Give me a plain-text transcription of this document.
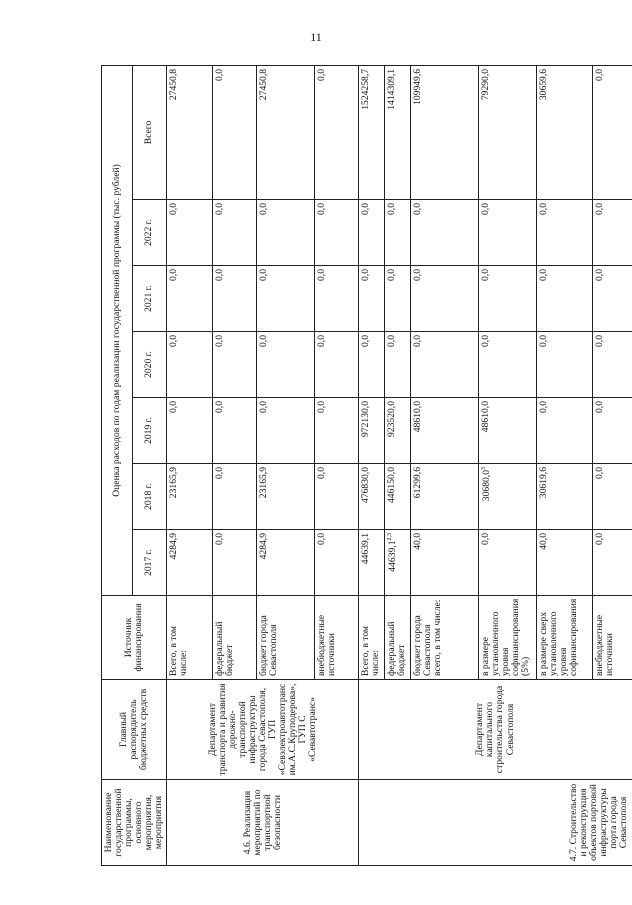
11
Наименование государственной программы, основного мероприятия, мероприятия	Главный распорядитель бюджетных средств	Источник финансирования	Оценка расходов по годам реализации государственной программы (тыс. рублей)						
			2017 г.	2018 г.	2019 г.	2020 г.	2021 г.	2022 г.	Всего
4.6. Реализация мероприятий по транспортной безопасности	Департамент транспорта и развития дорожно-транспортной инфраструктуры города Севастополя, ГУП «Севэлектроавтотранс им.А.С.Круподерова», ГУП С «Севавтотранс»	Всего, в том числе:	4284,9	23165,9	0,0	0,0	0,0	0,0	27450,8
		федеральный бюджет	0,0	0,0	0,0	0,0	0,0	0,0	0,0
		бюджет города Севастополя	4284,9	23165,9	0,0	0,0	0,0	0,0	27450,8
		внебюджетные источники	0,0	0,0	0,0	0,0	0,0	0,0	0,0
4.7. Строительство и реконструкция объектов портовой инфраструктуры порта города Севастополя	Департамент капитального строительства города Севастополя	Всего, в том числе:	44639,1	476830,0	972130,0	0,0	0,0	0,0	1524258,7
		федеральный бюджет	44639,1$^{2,3}$	446150,0	923520,0	0,0	0,0	0,0	1414309,1
		бюджет города Севастополя всего, в том числе:	40,0	61299,6	48610,0	0,0	0,0	0,0	109949,6
		в размере установленного уровня софинансирования (5%)	0,0	30680,0$^3$	48610,0	0,0	0,0	0,0	79290,0
		в размере сверх установленного уровня софинансирования	40,0	30619,6	0,0	0,0	0,0	0,0	30659,6
		внебюджетные источники	0,0	0,0	0,0	0,0	0,0	0,0	0,0
